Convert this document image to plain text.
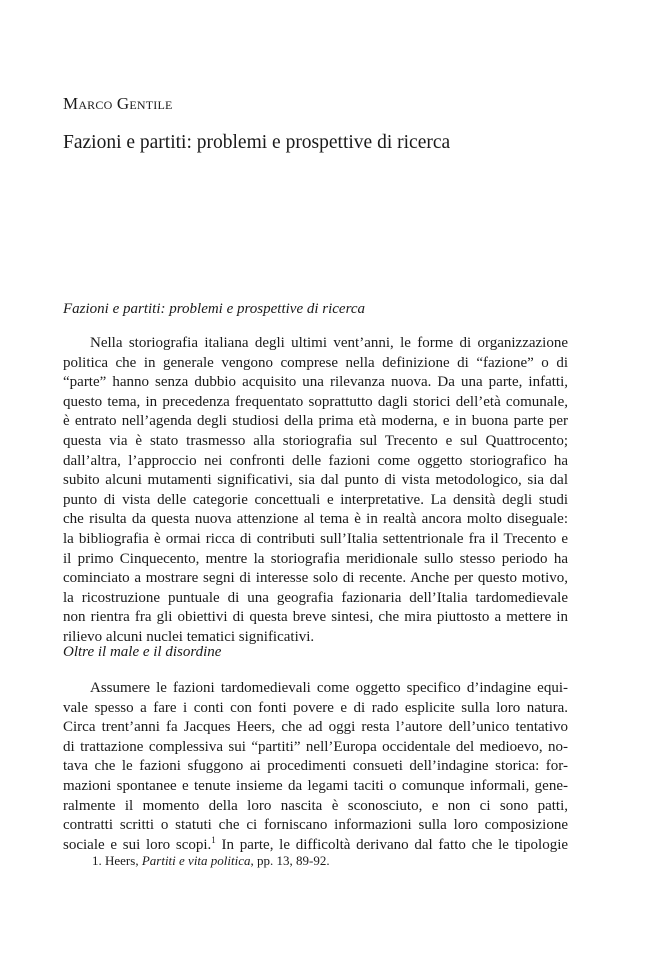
Marco Gentile

Fazioni e partiti: problemi e prospettive di ricerca
Fazioni e partiti: problemi e prospettive di ricerca
Nella storiografia italiana degli ultimi vent’anni, le forme di organizzazione
politica che in generale vengono comprese nella definizione di “fazione” o di
“parte” hanno senza dubbio acquisito una rilevanza nuova. Da una parte, infatti,
questo tema, in precedenza frequentato soprattutto dagli storici dell’età comunale,
è entrato nell’agenda degli studiosi della prima età moderna, e in buona parte per
questa via è stato trasmesso alla storiografia sul Trecento e sul Quattrocento;
dall’altra, l’approccio nei confronti delle fazioni come oggetto storiografico ha
subito alcuni mutamenti significativi, sia dal punto di vista metodologico, sia dal
punto di vista delle categorie concettuali e interpretative. La densità degli studi
che risulta da questa nuova attenzione al tema è in realtà ancora molto diseguale:
la bibliografia è ormai ricca di contributi sull’Italia settentrionale fra il Trecento e
il primo Cinquecento, mentre la storiografia meridionale sullo stesso periodo ha
cominciato a mostrare segni di interesse solo di recente. Anche per questo motivo,
la ricostruzione puntuale di una geografia fazionaria dell’Italia tardomedievale
non rientra fra gli obiettivi di questa breve sintesi, che mira piuttosto a mettere in
rilievo alcuni nuclei tematici significativi.
Oltre il male e il disordine
Assumere le fazioni tardomedievali come oggetto specifico d’indagine equi-
vale spesso a fare i conti con fonti povere e di rado esplicite sulla loro natura.
Circa trent’anni fa Jacques Heers, che ad oggi resta l’autore dell’unico tentativo
di trattazione complessiva sui “partiti” nell’Europa occidentale del medioevo, no-
tava che le fazioni sfuggono ai procedimenti consueti dell’indagine storica: for-
mazioni spontanee e tenute insieme da legami taciti o comunque informali, gene-
ralmente il momento della loro nascita è sconosciuto, e non ci sono patti,
contratti scritti o statuti che ci forniscano informazioni sulla loro composizione
sociale e sui loro scopi.$^1$ In parte, le difficoltà derivano dal fatto che le tipologie

1. Heers, Partiti e vita politica, pp. 13, 89-92.
